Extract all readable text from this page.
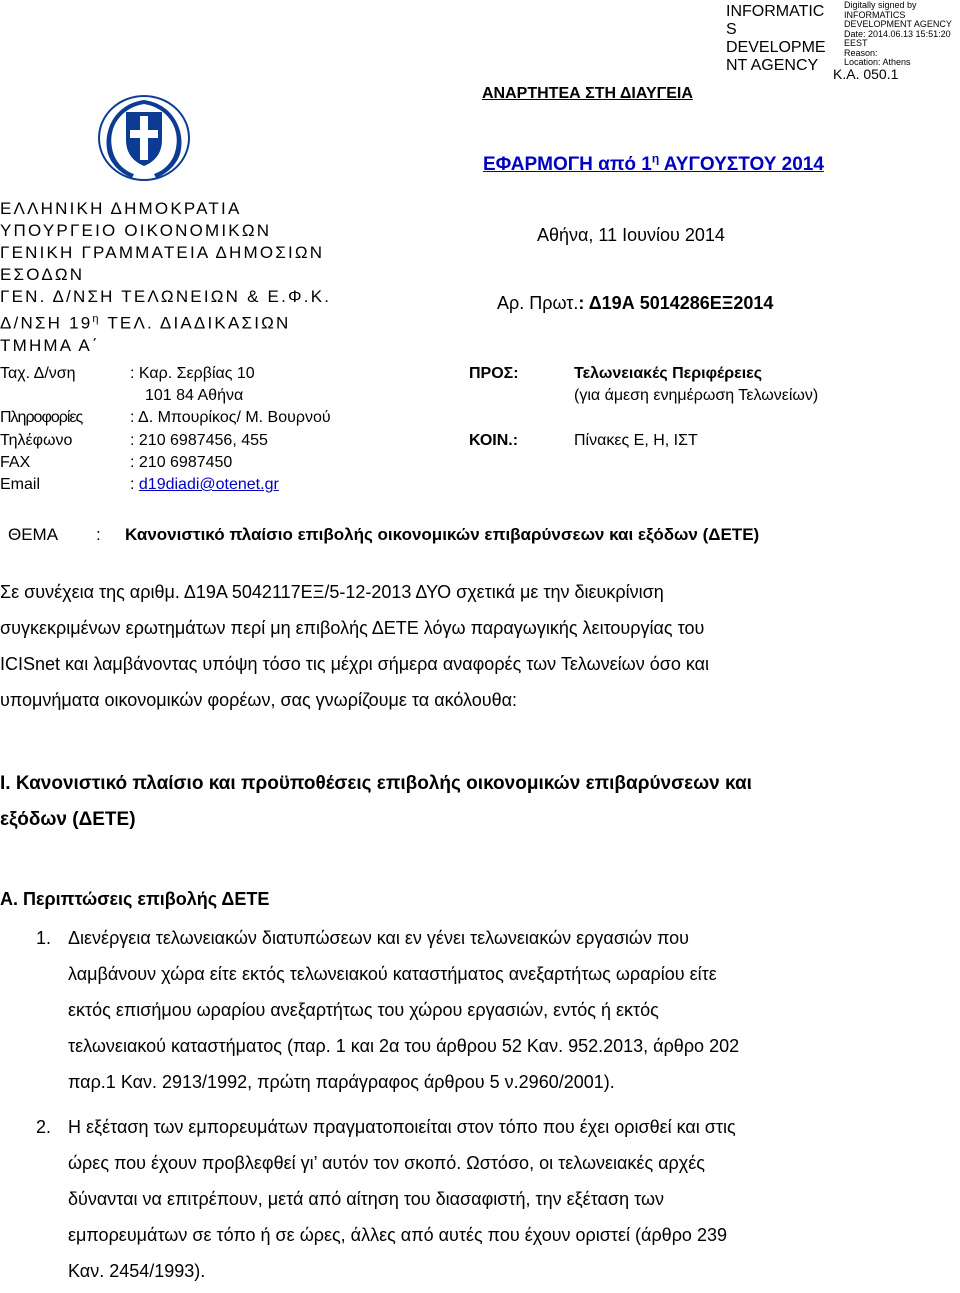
INFORMATIC
S
DEVELOPME
NT AGENCY
Digitally signed by
INFORMATICS
DEVELOPMENT AGENCY
Date: 2014.06.13 15:51:20
EEST
Reason:
Location: Athens
Κ.Α. 050.1
ΑΝΑΡΤΗΤΕΑ ΣΤΗ ΔΙΑΥΓΕΙΑ
ΕΦΑΡΜΟΓΗ από $1^\eta$ ΑΥΓΟΥΣΤΟΥ 2014
ΕΛΛΗΝΙΚΗ ΔΗΜΟΚΡΑΤΙΑ
ΥΠΟΥΡΓΕΙΟ ΟΙΚΟΝΟΜΙΚΩΝ
ΓΕΝΙΚΗ ΓΡΑΜΜΑΤΕΙΑ ΔΗΜΟΣΙΩΝ
ΕΣΟΔΩΝ
ΓΕΝ. Δ/ΝΣΗ ΤΕΛΩΝΕΙΩΝ & Ε.Φ.Κ.
Δ/ΝΣΗ $19^\eta$ ΤΕΛ. ΔΙΑΔΙΚΑΣΙΩΝ
ΤΜΗΜΑ Α΄
Ταχ. Δ/νση	: Καρ. Σερβίας 10
101 84 Αθήνα
Πληροφορίες	: Δ. Μπουρίκος/ Μ. Βουρνού
Τηλέφωνο	: 210 6987456, 455
FAX	: 210 6987450
Email	: d19diadi@otenet.gr
Αθήνα, 11 Ιουνίου 2014
Αρ. Πρωτ.: Δ19Α 5014286ΕΞ2014
ΠΡΟΣ:	Τελωνειακές Περιφέρειες
(για άμεση ενημέρωση Τελωνείων)
ΚΟΙΝ.:	Πίνακες Ε, Η, ΙΣΤ
ΘΕΜΑ : Κανονιστικό πλαίσιο επιβολής οικονομικών επιβαρύνσεων και εξόδων (ΔΕΤΕ)
Σε συνέχεια της αριθμ. Δ19Α 5042117ΕΞ/5-12-2013 ΔΥΟ σχετικά με την διευκρίνιση
συγκεκριμένων ερωτημάτων περί μη επιβολής ΔΕΤΕ λόγω παραγωγικής λειτουργίας του
ICISnet και λαμβάνοντας υπόψη τόσο τις μέχρι σήμερα αναφορές των Τελωνείων όσο και
υπομνήματα οικονομικών φορέων, σας γνωρίζουμε τα ακόλουθα:
Ι. Κανονιστικό πλαίσιο και προϋποθέσεις επιβολής οικονομικών επιβαρύνσεων και
εξόδων (ΔΕΤΕ)
Α. Περιπτώσεις επιβολής ΔΕΤΕ
1. Διενέργεια τελωνειακών διατυπώσεων και εν γένει τελωνειακών εργασιών που
λαμβάνουν χώρα είτε εκτός τελωνειακού καταστήματος ανεξαρτήτως ωραρίου είτε
εκτός επισήμου ωραρίου ανεξαρτήτως του χώρου εργασιών, εντός ή εκτός
τελωνειακού καταστήματος (παρ. 1 και 2α του άρθρου 52 Καν. 952.2013, άρθρο 202
παρ.1 Καν. 2913/1992, πρώτη παράγραφος άρθρου 5 ν.2960/2001).
2. Η εξέταση των εμπορευμάτων πραγματοποιείται στον τόπο που έχει ορισθεί και στις
ώρες που έχουν προβλεφθεί γι’ αυτόν τον σκοπό. Ωστόσο, οι τελωνειακές αρχές
δύνανται να επιτρέπουν, μετά από αίτηση του διασαφιστή, την εξέταση των
εμπορευμάτων σε τόπο ή σε ώρες, άλλες από αυτές που έχουν οριστεί (άρθρο 239
Καν. 2454/1993).
